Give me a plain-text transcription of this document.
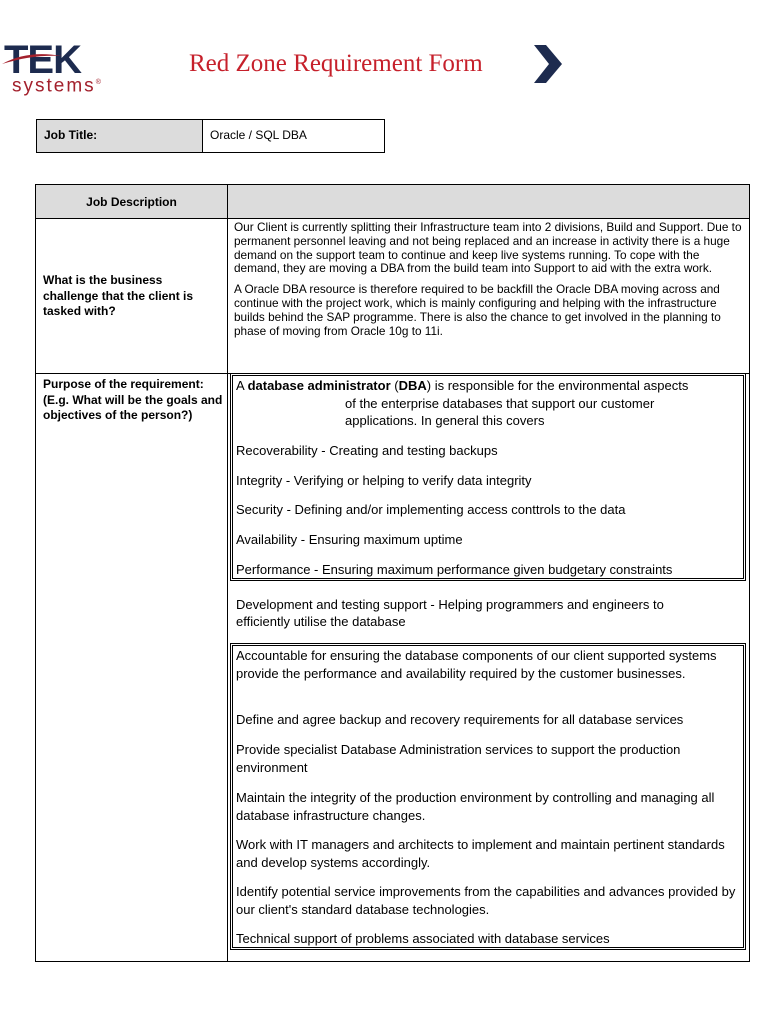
TEK
systems®
Red Zone Requirement Form
Job Title:	Oracle / SQL DBA
Job Description
What is the business challenge that the client is tasked with?

Our Client is currently splitting their Infrastructure team into 2 divisions, Build and Support. Due to permanent personnel leaving and not being replaced and an increase in activity there is a huge demand on the support team to continue and keep live systems running. To cope with the demand, they are moving a DBA from the build team into Support to aid with the extra work.

A Oracle DBA resource is therefore required to be backfill the Oracle DBA moving across and continue with the project work, which is mainly configuring and helping with the infrastructure builds behind the SAP programme. There is also the chance to get involved in the planning to phase of moving from Oracle 10g to 11i.

Purpose of the requirement: (E.g. What will be the goals and objectives of the person?)
A database administrator (DBA) is responsible for the environmental aspects
of the enterprise databases that support our customer
applications. In general this covers
Recoverability - Creating and testing backups
Integrity - Verifying or helping to verify data integrity
Security - Defining and/or implementing access conttrols to the data
Availability - Ensuring maximum uptime
Performance - Ensuring maximum performance given budgetary constraints
Development and testing support - Helping programmers and engineers to
efficiently utilise the database
Accountable for ensuring the database components of our client supported systems provide the performance and availability required by the customer businesses.
Define and agree backup and recovery requirements for all database services
Provide specialist Database Administration services to support the production environment
Maintain the integrity of the production environment by controlling and managing all database infrastructure changes.
Work with IT managers and architects to implement and maintain pertinent standards and develop systems accordingly.
Identify potential service improvements from the capabilities and advances provided by our client's standard database technologies.
Technical support of problems associated with database services
